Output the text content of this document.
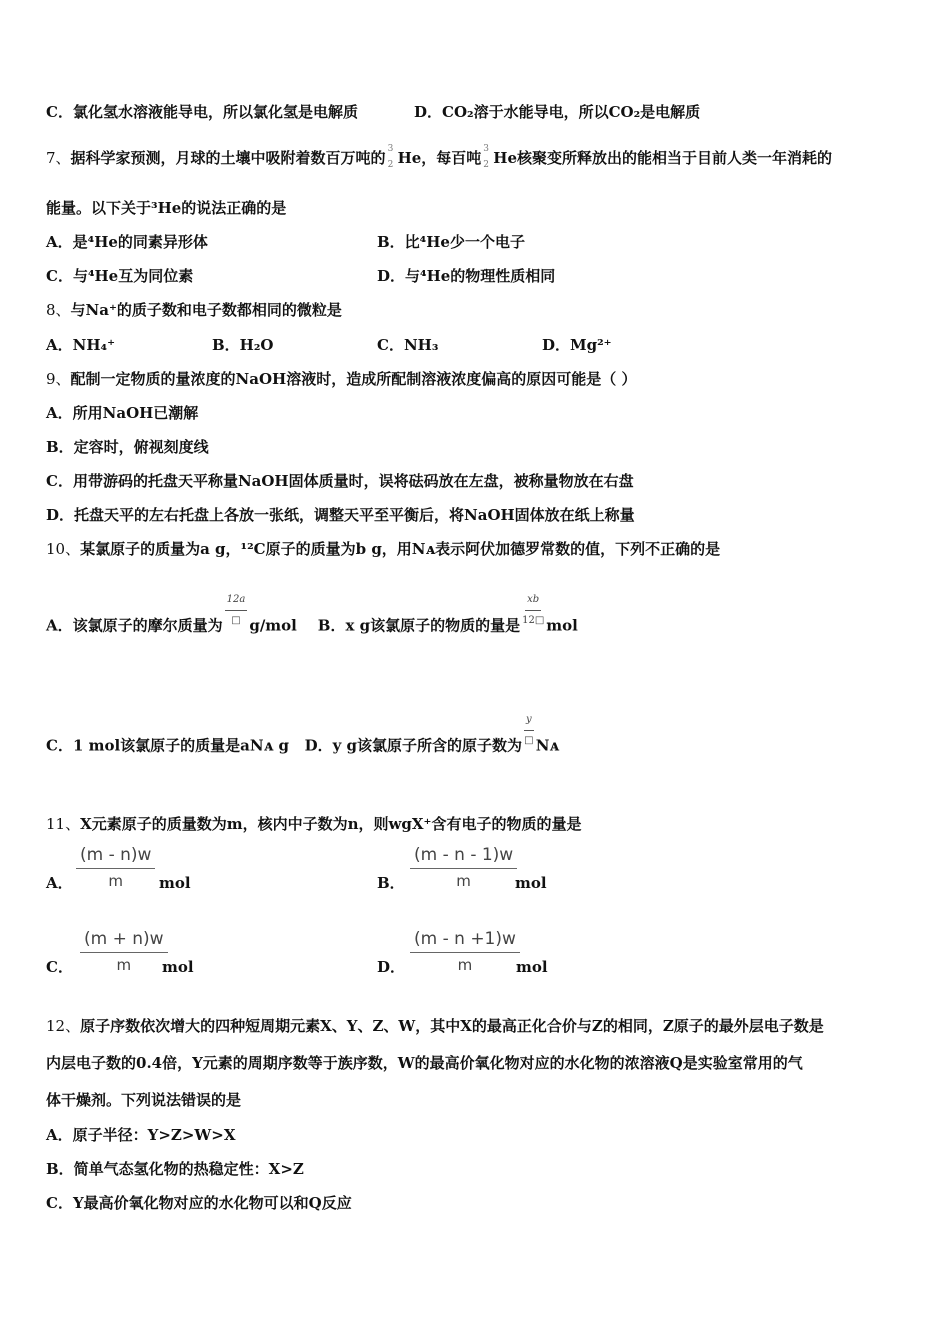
C．氯化氢水溶液能导电，所以氯化氢是电解质	D．CO₂溶于水能导电，所以CO₂是电解质
7、据科学家预测，月球的土壤中吸附着数百万吨的 3
2 He，每百吨 3
2 He核聚变所释放出的能相当于目前人类一年消耗的
能量。以下关于³He的说法正确的是
A．是⁴He的同素异形体	B．比⁴He少一个电子
C．与⁴He互为同位素	D．与⁴He的物理性质相同
8、与Na⁺的质子数和电子数都相同的微粒是
A．NH₄⁺	B．H₂O	C．NH₃	D．Mg²⁺
9、配制一定物质的量浓度的NaOH溶液时，造成所配制溶液浓度偏高的原因可能是（ ）
A．所用NaOH已潮解
B．定容时，俯视刻度线
C．用带游码的托盘天平称量NaOH固体质量时，误将砝码放在左盘，被称量物放在右盘
D．托盘天平的左右托盘上各放一张纸，调整天平至平衡后，将NaOH固体放在纸上称量
10、某氯原子的质量为a g，¹²C原子的质量为b g，用Nᴀ表示阿伏加德罗常数的值，下列不正确的是
A．该氯原子的摩尔质量为
12a
□ g/mol B．x g该氯原子的物质的量是 $\frac{xb}{12□}$ mol
C．1 mol该氯原子的质量是aNᴀ g D．y g该氯原子所含的原子数为
y
□ Nᴀ
11、X元素原子的质量数为m，核内中子数为n，则wgX⁺含有电子的物质的量是
A． $\frac{(m - n)w}{m}$ mol	B． $\frac{(m - n - 1)w}{m}$
mol
C． $\frac{(m + n)w}{m}$
mol	D． $\frac{(m - n +1)w}{m}$
mol
12、原子序数依次增大的四种短周期元素X、Y、Z、W，其中X的最高正化合价与Z的相同，Z原子的最外层电子数是
内层电子数的0.4倍，Y元素的周期序数等于族序数，W的最高价氧化物对应的水化物的浓溶液Q是实验室常用的气
体干燥剂。下列说法错误的是
A．原子半径：Y>Z>W>X
B．简单气态氢化物的热稳定性：X>Z
C．Y最高价氧化物对应的水化物可以和Q反应
